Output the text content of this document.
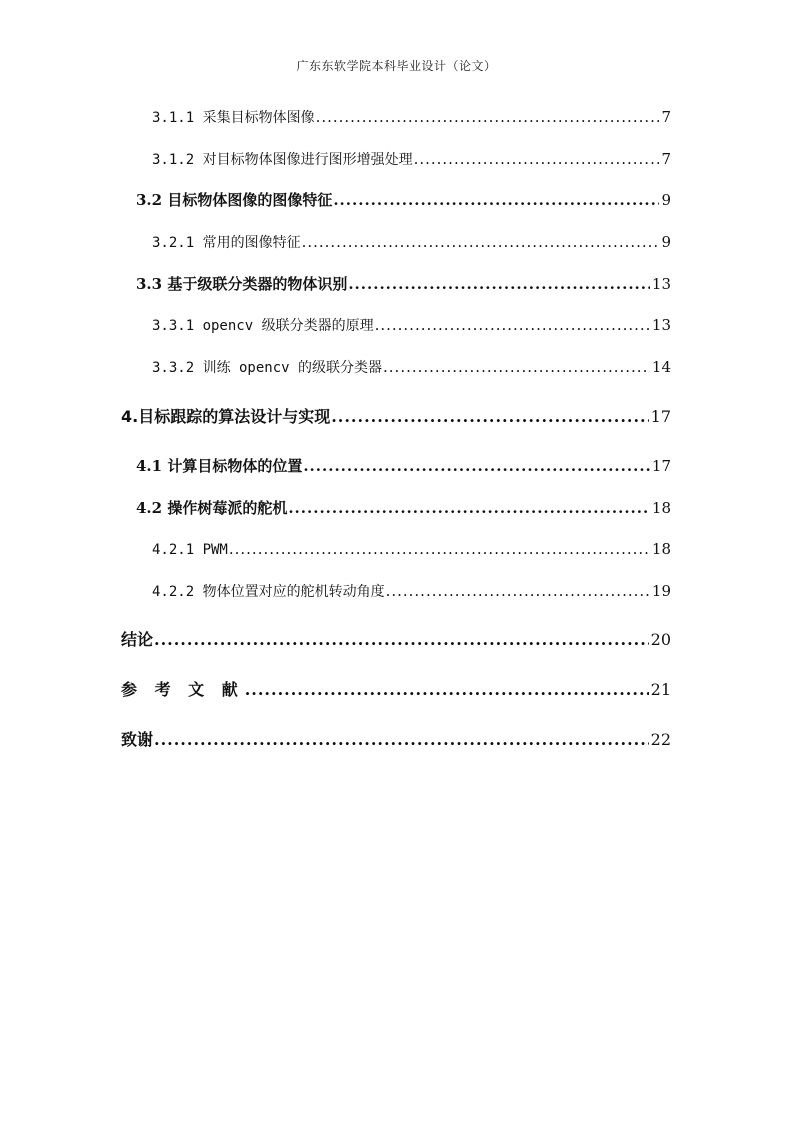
广东东软学院本科毕业设计（论文）
3.1.1 采集目标物体图像 .....	7
3.1.2 对目标物体图像进行图形增强处理 .....	7
3.2 目标物体图像的图像特征 .....	9
3.2.1 常用的图像特征 .....	9
3.3 基于级联分类器的物体识别 .....	13
3.3.1 opencv 级联分类器的原理 .....	13
3.3.2 训练 opencv 的级联分类器 .....	14
4.目标跟踪的算法设计与实现 .....	17
4.1 计算目标物体的位置 .....	17
4.2 操作树莓派的舵机 .....	18
4.2.1 PWM .....	18
4.2.2 物体位置对应的舵机转动角度 .....	19
结论 .....	20
参 考 文 献 .....	21
致谢 .....	22
